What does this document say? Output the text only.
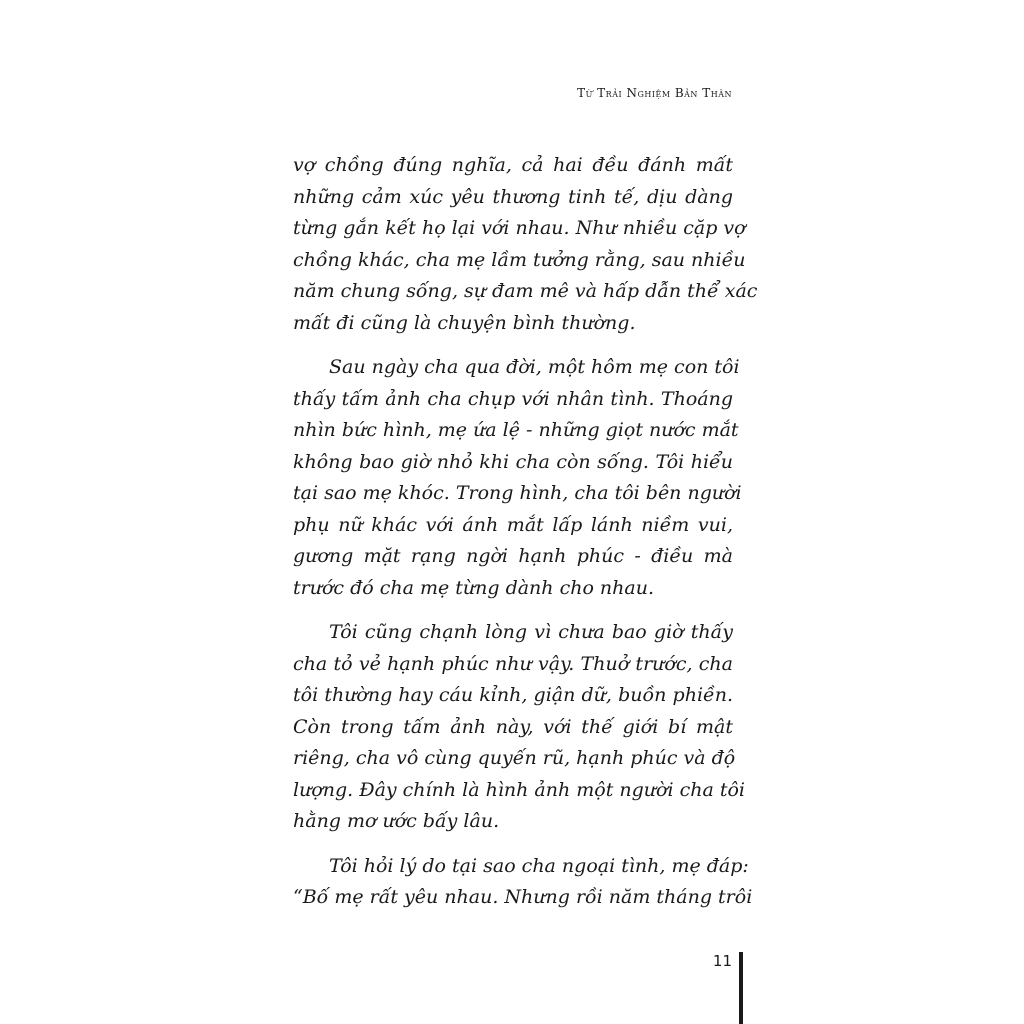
Từ Trải Nghiệm Bản Thân
vợ chồng đúng nghĩa, cả hai đều đánh mất
những cảm xúc yêu thương tinh tế, dịu dàng
từng gắn kết họ lại với nhau. Như nhiều cặp vợ
chồng khác, cha mẹ lầm tưởng rằng, sau nhiều
năm chung sống, sự đam mê và hấp dẫn thể xác
mất đi cũng là chuyện bình thường.
Sau ngày cha qua đời, một hôm mẹ con tôi
thấy tấm ảnh cha chụp với nhân tình. Thoáng
nhìn bức hình, mẹ ứa lệ - những giọt nước mắt
không bao giờ nhỏ khi cha còn sống. Tôi hiểu
tại sao mẹ khóc. Trong hình, cha tôi bên người
phụ nữ khác với ánh mắt lấp lánh niềm vui,
gương mặt rạng ngời hạnh phúc - điều mà
trước đó cha mẹ từng dành cho nhau.
Tôi cũng chạnh lòng vì chưa bao giờ thấy
cha tỏ vẻ hạnh phúc như vậy. Thuở trước, cha
tôi thường hay cáu kỉnh, giận dữ, buồn phiền.
Còn trong tấm ảnh này, với thế giới bí mật
riêng, cha vô cùng quyến rũ, hạnh phúc và độ
lượng. Đây chính là hình ảnh một người cha tôi
hằng mơ ước bấy lâu.
Tôi hỏi lý do tại sao cha ngoại tình, mẹ đáp:
“Bố mẹ rất yêu nhau. Nhưng rồi năm tháng trôi
11
